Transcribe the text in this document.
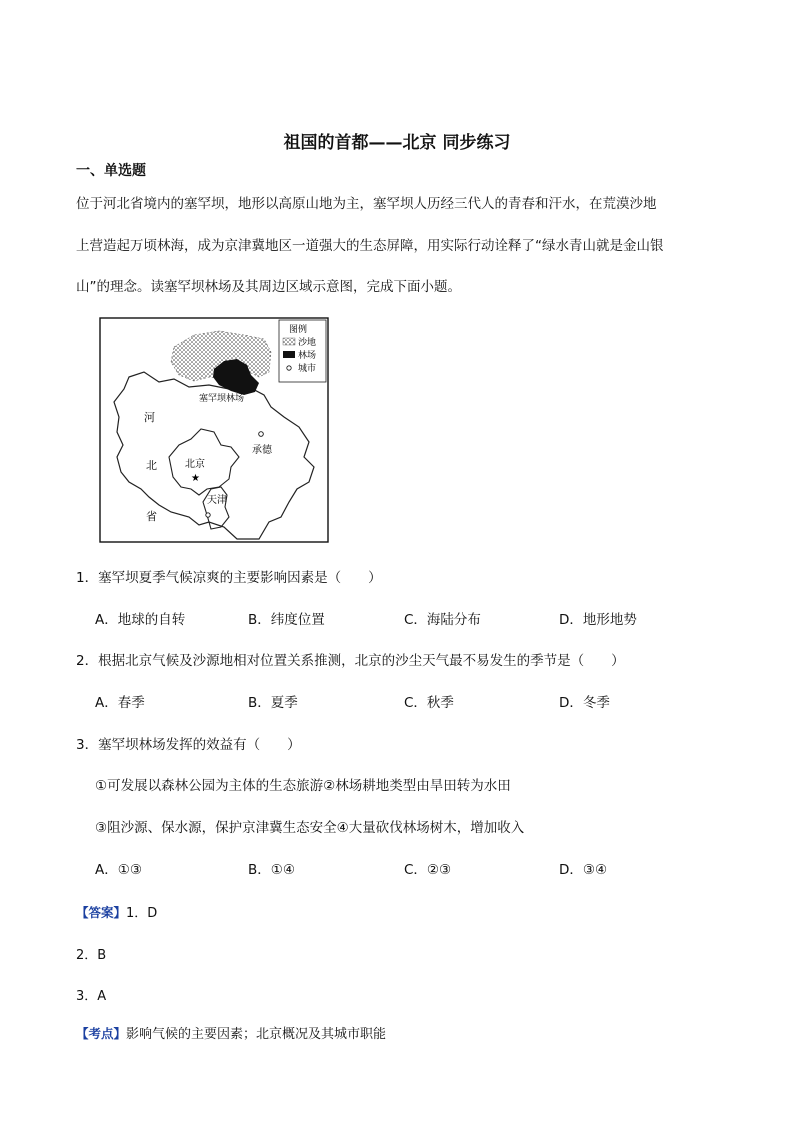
祖国的首都——北京 同步练习
一、单选题
位于河北省境内的塞罕坝，地形以高原山地为主，塞罕坝人历经三代人的青春和汗水，在荒漠沙地
上营造起万顷林海，成为京津冀地区一道强大的生态屏障，用实际行动诠释了“绿水青山就是金山银
山”的理念。读塞罕坝林场及其周边区域示意图，完成下面小题。
图例
沙地
林场
城市
塞罕坝林场
承德
北京
★
天津
河
北
省
1．塞罕坝夏季气候凉爽的主要影响因素是（　　）
A．地球的自转	B．纬度位置	C．海陆分布	D．地形地势
2．根据北京气候及沙源地相对位置关系推测，北京的沙尘天气最不易发生的季节是（　　）
A．春季	B．夏季	C．秋季	D．冬季
3．塞罕坝林场发挥的效益有（　　）
①可发展以森林公园为主体的生态旅游②林场耕地类型由旱田转为水田
③阻沙源、保水源，保护京津冀生态安全④大量砍伐林场树木，增加收入
A．①③	B．①④	C．②③	D．③④
【答案】1．D
2．B
3．A
【考点】影响气候的主要因素；北京概况及其城市职能
